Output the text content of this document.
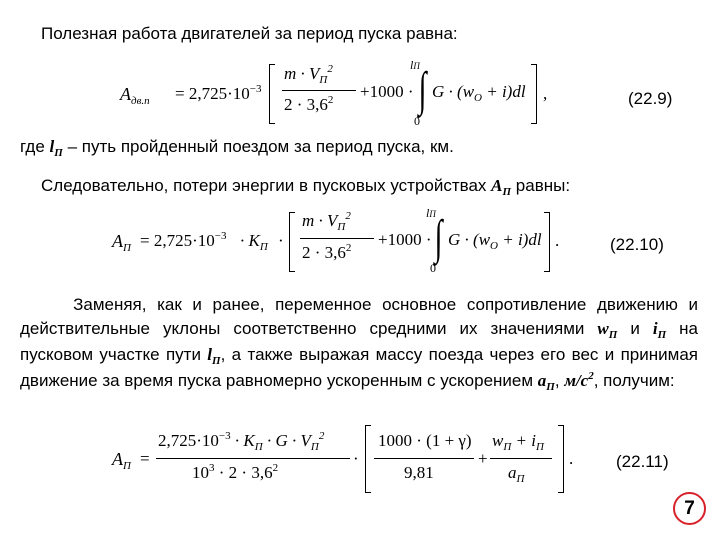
Полезная работа двигателей за период пуска равна:
$A_{дв.п} = 2,725\cdot 10^{-3}$
$m \cdot V_П^2$
$2 \cdot 3,6^2 +1000$ ·
lП
∫
0
$G \cdot (w_O + i)dl$ ,	(22.9)
где $l_П$ – путь пройденный поездом за период пуска, км.
Следовательно, потери энергии в пусковых устройствах $A_П$ равны:
$A_П = 2,725\cdot 10^{-3} \cdot K_П$ ·
$m \cdot V_П^2$
$2 \cdot 3,6^2 +1000$ ·
lП
∫
0
$G \cdot (w_O + i)dl$ .	(22.10)
Заменяя, как и ранее, переменное основное сопротивление движению и действительные уклоны соответственно средними их значениями $w_П$ и $i_П$ на пусковом участке пути $l_П$, а также выражая массу поезда через его вес и принимая движение за время пуска равномерно ускоренным с ускорением $a_П$, $м/с^2$, получим:
$A_П$ =
$2,725\cdot 10^{-3} \cdot K_П \cdot G \cdot V_П^2$
$10^3 \cdot 2 \cdot 3,6^2$	·
1000 · (1 + γ)
9,81
+
$w_П + i_П$
$a_П$
.	(22.11)
7
